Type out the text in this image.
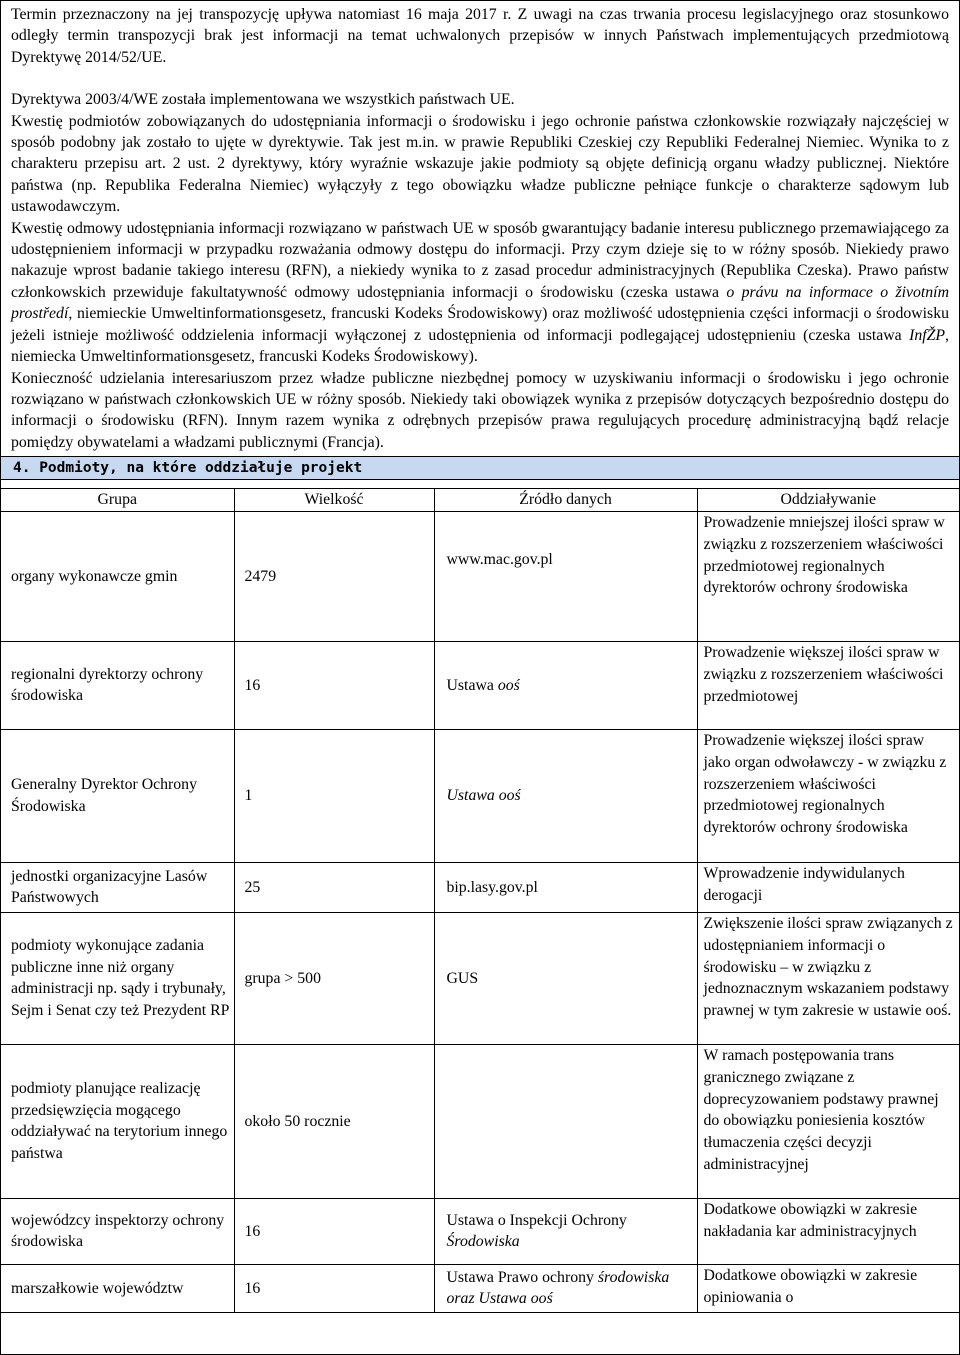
Termin przeznaczony na jej transpozycję upływa natomiast 16 maja 2017 r. Z uwagi na czas trwania procesu legislacyjnego oraz stosunkowo odległy termin transpozycji brak jest informacji na temat uchwalonych przepisów w innych Państwach implementujących przedmiotową Dyrektywę 2014/52/UE.

Dyrektywa 2003/4/WE została implementowana we wszystkich państwach UE.

Kwestię podmiotów zobowiązanych do udostępniania informacji o środowisku i jego ochronie państwa członkowskie rozwiązały najczęściej w sposób podobny jak zostało to ujęte w dyrektywie. Tak jest m.in. w prawie Republiki Czeskiej czy Republiki Federalnej Niemiec. Wynika to z charakteru przepisu art. 2 ust. 2 dyrektywy, który wyraźnie wskazuje jakie podmioty są objęte definicją organu władzy publicznej. Niektóre państwa (np. Republika Federalna Niemiec) wyłączyły z tego obowiązku władze publiczne pełniące funkcje o charakterze sądowym lub ustawodawczym.

Kwestię odmowy udostępniania informacji rozwiązano w państwach UE w sposób gwarantujący badanie interesu publicznego przemawiającego za udostępnieniem informacji w przypadku rozważania odmowy dostępu do informacji. Przy czym dzieje się to w różny sposób. Niekiedy prawo nakazuje wprost badanie takiego interesu (RFN), a niekiedy wynika to z zasad procedur administracyjnych (Republika Czeska). Prawo państw członkowskich przewiduje fakultatywność odmowy udostępniania informacji o środowisku (czeska ustawa o právu na informace o životním prostředí, niemieckie Umweltinformationsgesetz, francuski Kodeks Środowiskowy) oraz możliwość udostępnienia części informacji o środowisku jeżeli istnieje możliwość oddzielenia informacji wyłączonej z udostępnienia od informacji podlegającej udostępnieniu (czeska ustawa InfŽP, niemiecka Umweltinformationsgesetz, francuski Kodeks Środowiskowy).

Konieczność udzielania interesariuszom przez władze publiczne niezbędnej pomocy w uzyskiwaniu informacji o środowisku i jego ochronie rozwiązano w państwach członkowskich UE w różny sposób. Niekiedy taki obowiązek wynika z przepisów dotyczących bezpośrednio dostępu do informacji o środowisku (RFN). Innym razem wynika z odrębnych przepisów prawa regulujących procedurę administracyjną bądź relacje pomiędzy obywatelami a władzami publicznymi (Francja).

4. Podmioty, na które oddziałuje projekt
Grupa	Wielkość	Źródło danych	Oddziaływanie
organy wykonawcze gmin	2479	www.mac.gov.pl	Prowadzenie mniejszej ilości spraw w związku z rozszerzeniem właściwości przedmiotowej regionalnych dyrektorów ochrony środowiska
regionalni dyrektorzy ochrony środowiska	16	Ustawa ooś	Prowadzenie większej ilości spraw w związku z rozszerzeniem właściwości przedmiotowej
Generalny Dyrektor Ochrony Środowiska	1	Ustawa ooś	Prowadzenie większej ilości spraw jako organ odwoławczy - w związku z rozszerzeniem właściwości przedmiotowej regionalnych dyrektorów ochrony środowiska
jednostki organizacyjne Lasów Państwowych	25	bip.lasy.gov.pl	Wprowadzenie indywidulanych derogacji
podmioty wykonujące zadania publiczne inne niż organy administracji np. sądy i trybunały, Sejm i Senat czy też Prezydent RP	grupa > 500	GUS	Zwiększenie ilości spraw związanych z udostępnianiem informacji o środowisku – w związku z jednoznacznym wskazaniem podstawy prawnej w tym zakresie w ustawie ooś.
podmioty planujące realizację przedsięwzięcia mogącego oddziaływać na terytorium innego państwa	około 50 rocznie		W ramach postępowania trans granicznego związane z doprecyzowaniem podstawy prawnej do obowiązku poniesienia kosztów tłumaczenia części decyzji administracyjnej
wojewódzcy inspektorzy ochrony środowiska	16	Ustawa o Inspekcji Ochrony Środowiska	Dodatkowe obowiązki w zakresie nakładania kar administracyjnych
marszałkowie województw	16	Ustawa Prawo ochrony środowiska oraz Ustawa ooś	Dodatkowe obowiązki w zakresie opiniowania o
